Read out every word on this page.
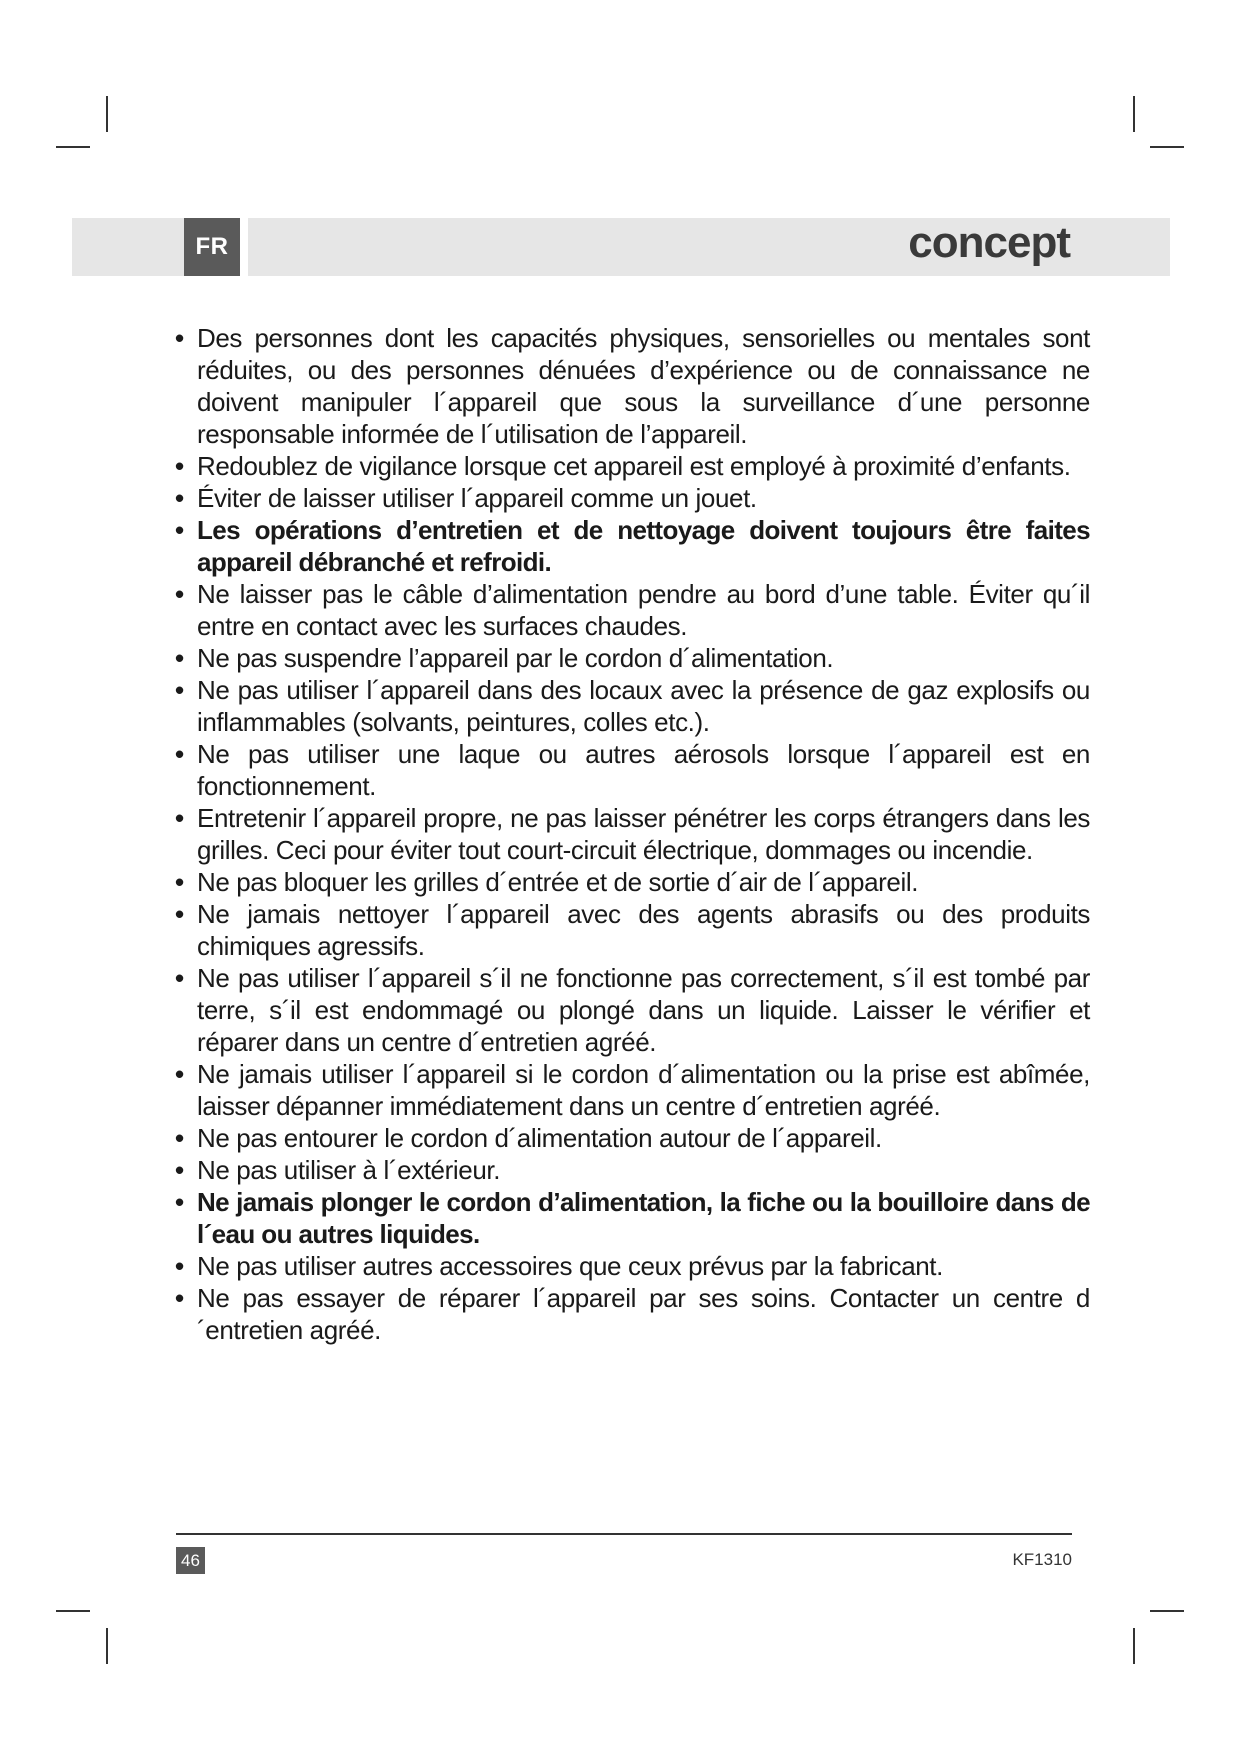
FR	concept
• Des personnes dont les capacités physiques, sensorielles ou mentales sont réduites, ou des personnes dénuées d’expérience ou de connaissance ne doivent manipuler l´appareil que sous la surveillance d´une personne responsable informée de l´utilisation de l’appareil.
• Redoublez de vigilance lorsque cet appareil est employé à proximité d’enfants.
• Éviter de laisser utiliser l´appareil comme un jouet.
• Les opérations d’entretien et de nettoyage doivent toujours être faites appareil débranché et refroidi.
• Ne laisser pas le câble d’alimentation pendre au bord d’une table. Éviter qu´il entre en contact avec les surfaces chaudes.
• Ne pas suspendre l’appareil par le cordon d´alimentation.
• Ne pas utiliser l´appareil dans des locaux avec la présence de gaz explosifs ou inflammables (solvants, peintures, colles etc.).
• Ne pas utiliser une laque ou autres aérosols lorsque l´appareil est en fonctionnement.
• Entretenir l´appareil propre, ne pas laisser pénétrer les corps étrangers dans les grilles. Ceci pour éviter tout court-circuit électrique, dommages ou incendie.
• Ne pas bloquer les grilles d´entrée et de sortie d´air de l´appareil.
• Ne jamais nettoyer l´appareil avec des agents abrasifs ou des produits chimiques agressifs.
• Ne pas utiliser l´appareil s´il ne fonctionne pas correctement, s´il est tombé par terre, s´il est endommagé ou plongé dans un liquide. Laisser le vérifier et réparer dans un centre d´entretien agréé.
• Ne jamais utiliser l´appareil si le cordon d´alimentation ou la prise est abîmée, laisser dépanner immédiatement dans un centre d´entretien agréé.
• Ne pas entourer le cordon d´alimentation autour de l´appareil.
• Ne pas utiliser à l´extérieur.
• Ne jamais plonger le cordon d’alimentation, la fiche ou la bouilloire dans de l´eau ou autres liquides.
• Ne pas utiliser autres accessoires que ceux prévus par la fabricant.
• Ne pas essayer de réparer l´appareil par ses soins. Contacter un centre d´entretien agréé.
46	KF1310
